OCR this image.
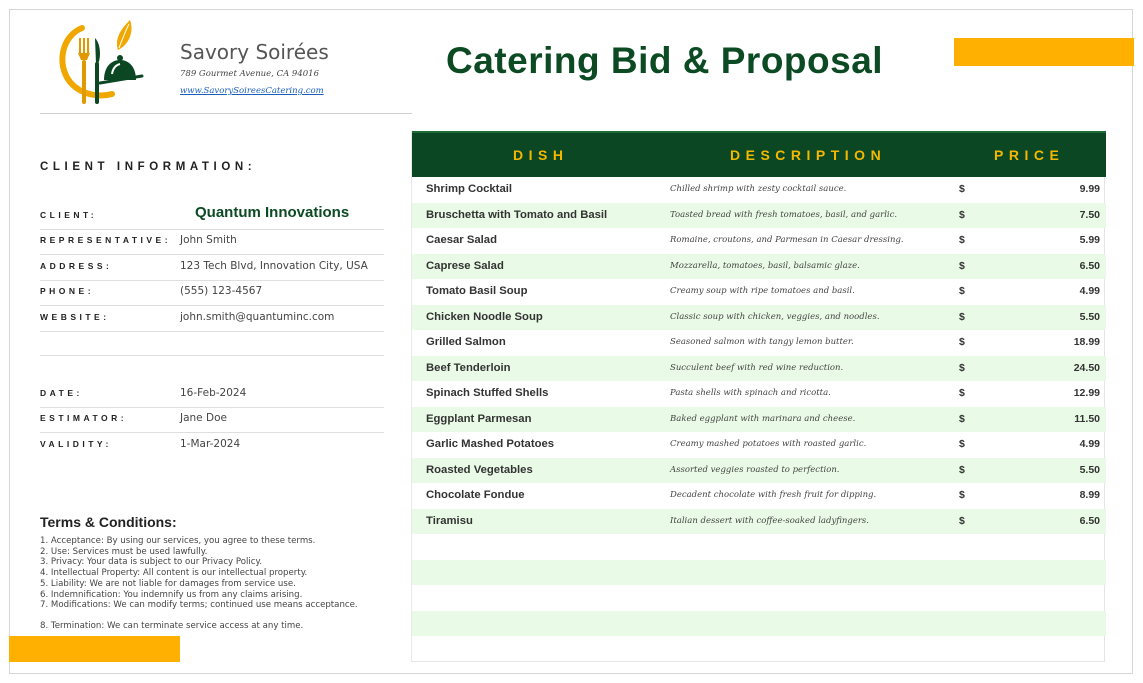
Savory Soirées
789 Gourmet Avenue, CA 94016
www.SavorySoireesCatering.com
Catering Bid & Proposal
CLIENT INFORMATION:
CLIENT:	Quantum Innovations
REPRESENTATIVE: John Smith
ADDRESS:	123 Tech Blvd, Innovation City, USA
PHONE:	(555) 123-4567
WEBSITE:	john.smith@quantuminc.com
DATE:	16-Feb-2024
ESTIMATOR:	Jane Doe
VALIDITY:	1-Mar-2024
Terms & Conditions:
1. Acceptance: By using our services, you agree to these terms.
2. Use: Services must be used lawfully.
3. Privacy: Your data is subject to our Privacy Policy.
4. Intellectual Property: All content is our intellectual property.
5. Liability: We are not liable for damages from service use.
6. Indemnification: You indemnify us from any claims arising.
7. Modifications: We can modify terms; continued use means acceptance.
8. Termination: We can terminate service access at any time.
DISH	DESCRIPTION	PRICE
Shrimp Cocktail	Chilled shrimp with zesty cocktail sauce.	$	9.99
Bruschetta with Tomato and Basil	Toasted bread with fresh tomatoes, basil, and garlic.	$	7.50
Caesar Salad	Romaine, croutons, and Parmesan in Caesar dressing.	$	5.99
Caprese Salad	Mozzarella, tomatoes, basil, balsamic glaze.	$	6.50
Tomato Basil Soup	Creamy soup with ripe tomatoes and basil.	$	4.99
Chicken Noodle Soup	Classic soup with chicken, veggies, and noodles.	$	5.50
Grilled Salmon	Seasoned salmon with tangy lemon butter.	$	18.99
Beef Tenderloin	Succulent beef with red wine reduction.	$	24.50
Spinach Stuffed Shells	Pasta shells with spinach and ricotta.	$	12.99
Eggplant Parmesan	Baked eggplant with marinara and cheese.	$	11.50
Garlic Mashed Potatoes	Creamy mashed potatoes with roasted garlic.	$	4.99
Roasted Vegetables	Assorted veggies roasted to perfection.	$	5.50
Chocolate Fondue	Decadent chocolate with fresh fruit for dipping.	$	8.99
Tiramisu	Italian dessert with coffee-soaked ladyfingers.	$	6.50
